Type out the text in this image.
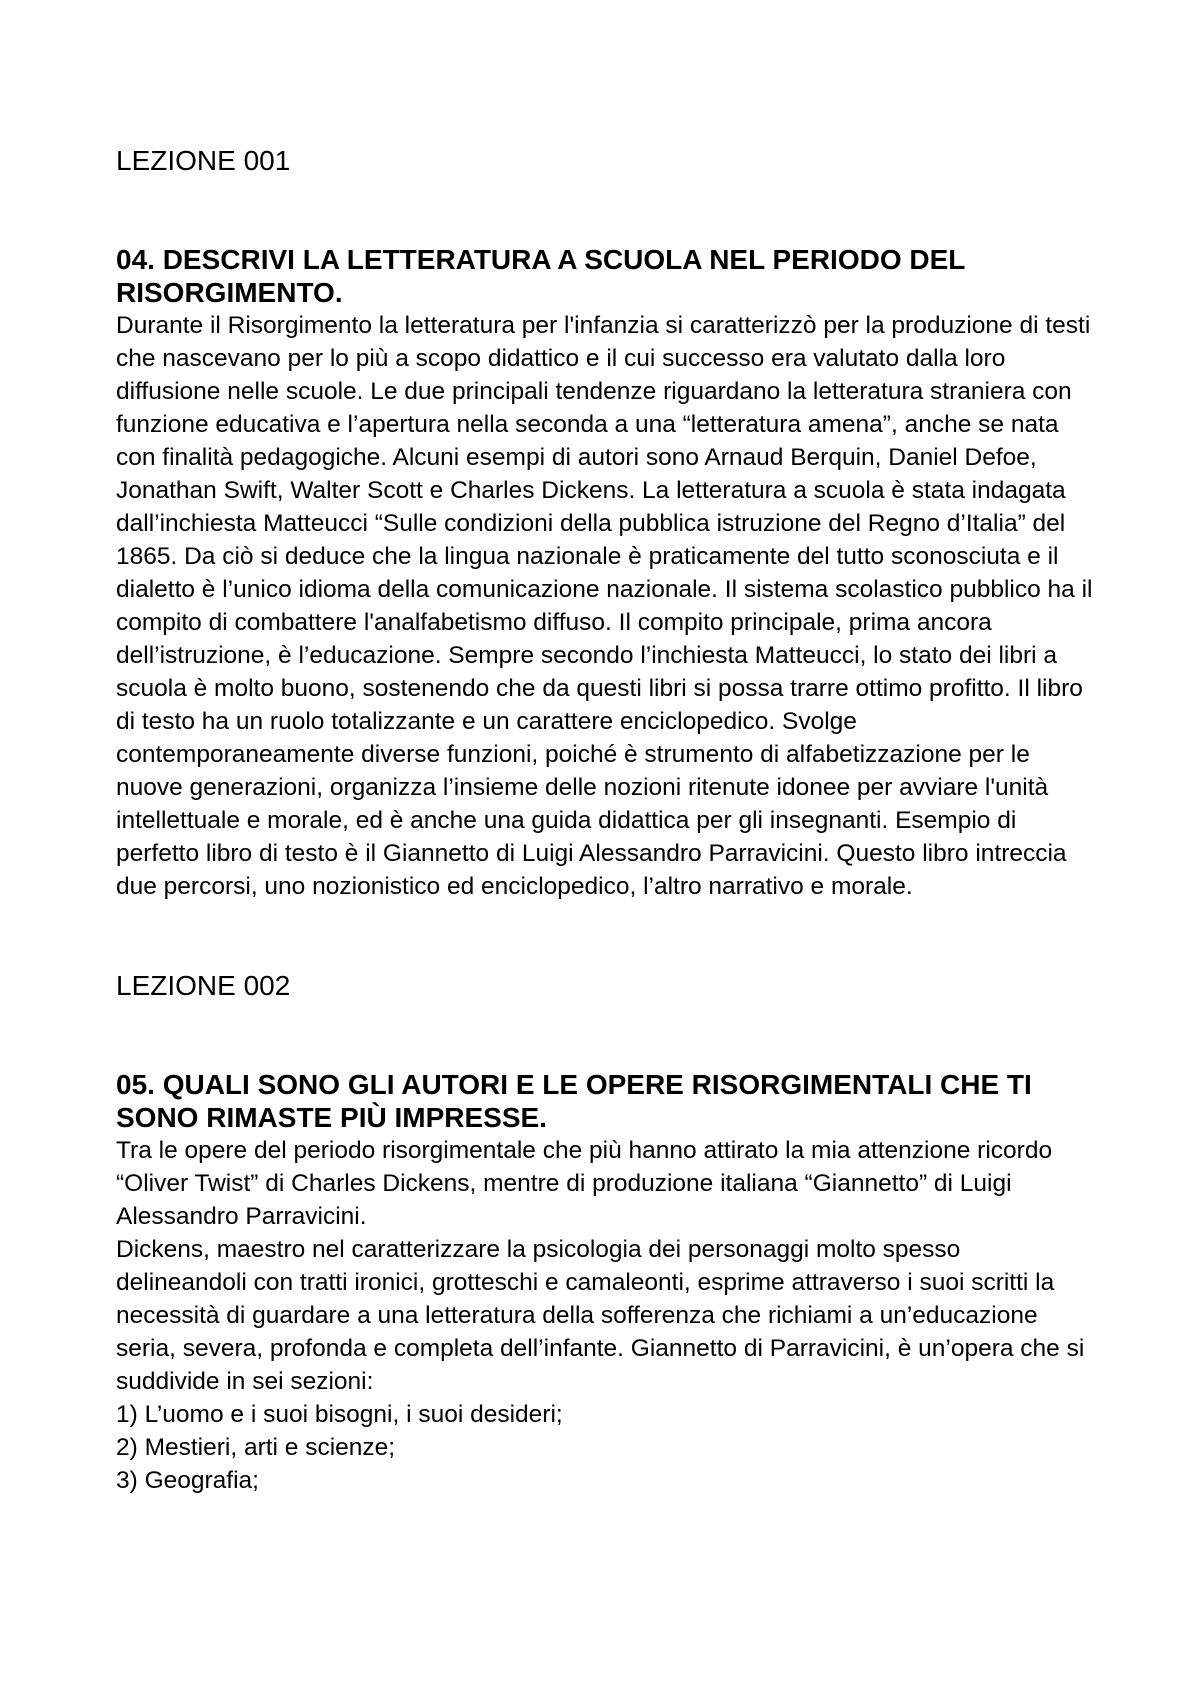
LEZIONE 001

04. DESCRIVI LA LETTERATURA A SCUOLA NEL PERIODO DEL RISORGIMENTO.

Durante il Risorgimento la letteratura per l'infanzia si caratterizzò per la produzione di testi che nascevano per lo più a scopo didattico e il cui successo era valutato dalla loro diffusione nelle scuole. Le due principali tendenze riguardano la letteratura straniera con funzione educativa e l’apertura nella seconda a una “letteratura amena”, anche se nata con finalità pedagogiche. Alcuni esempi di autori sono Arnaud Berquin, Daniel Defoe, Jonathan Swift, Walter Scott e Charles Dickens. La letteratura a scuola è stata indagata dall’inchiesta Matteucci “Sulle condizioni della pubblica istruzione del Regno d’Italia” del 1865. Da ciò si deduce che la lingua nazionale è praticamente del tutto sconosciuta e il dialetto è l’unico idioma della comunicazione nazionale. Il sistema scolastico pubblico ha il compito di combattere l'analfabetismo diffuso. Il compito principale, prima ancora dell’istruzione, è l’educazione. Sempre secondo l’inchiesta Matteucci, lo stato dei libri a scuola è molto buono, sostenendo che da questi libri si possa trarre ottimo profitto. Il libro di testo ha un ruolo totalizzante e un carattere enciclopedico. Svolge contemporaneamente diverse funzioni, poiché è strumento di alfabetizzazione per le nuove generazioni, organizza l’insieme delle nozioni ritenute idonee per avviare l'unità intellettuale e morale, ed è anche una guida didattica per gli insegnanti. Esempio di perfetto libro di testo è il Giannetto di Luigi Alessandro Parravicini. Questo libro intreccia due percorsi, uno nozionistico ed enciclopedico, l’altro narrativo e morale.

LEZIONE 002

05. QUALI SONO GLI AUTORI E LE OPERE RISORGIMENTALI CHE TI SONO RIMASTE PIÙ IMPRESSE.

Tra le opere del periodo risorgimentale che più hanno attirato la mia attenzione ricordo “Oliver Twist” di Charles Dickens, mentre di produzione italiana “Giannetto” di Luigi Alessandro Parravicini.

Dickens, maestro nel caratterizzare la psicologia dei personaggi molto spesso delineandoli con tratti ironici, grotteschi e camaleonti, esprime attraverso i suoi scritti la necessità di guardare a una letteratura della sofferenza che richiami a un’educazione seria, severa, profonda e completa dell’infante. Giannetto di Parravicini, è un’opera che si suddivide in sei sezioni:

1) L’uomo e i suoi bisogni, i suoi desideri;
2) Mestieri, arti e scienze;
3) Geografia;
